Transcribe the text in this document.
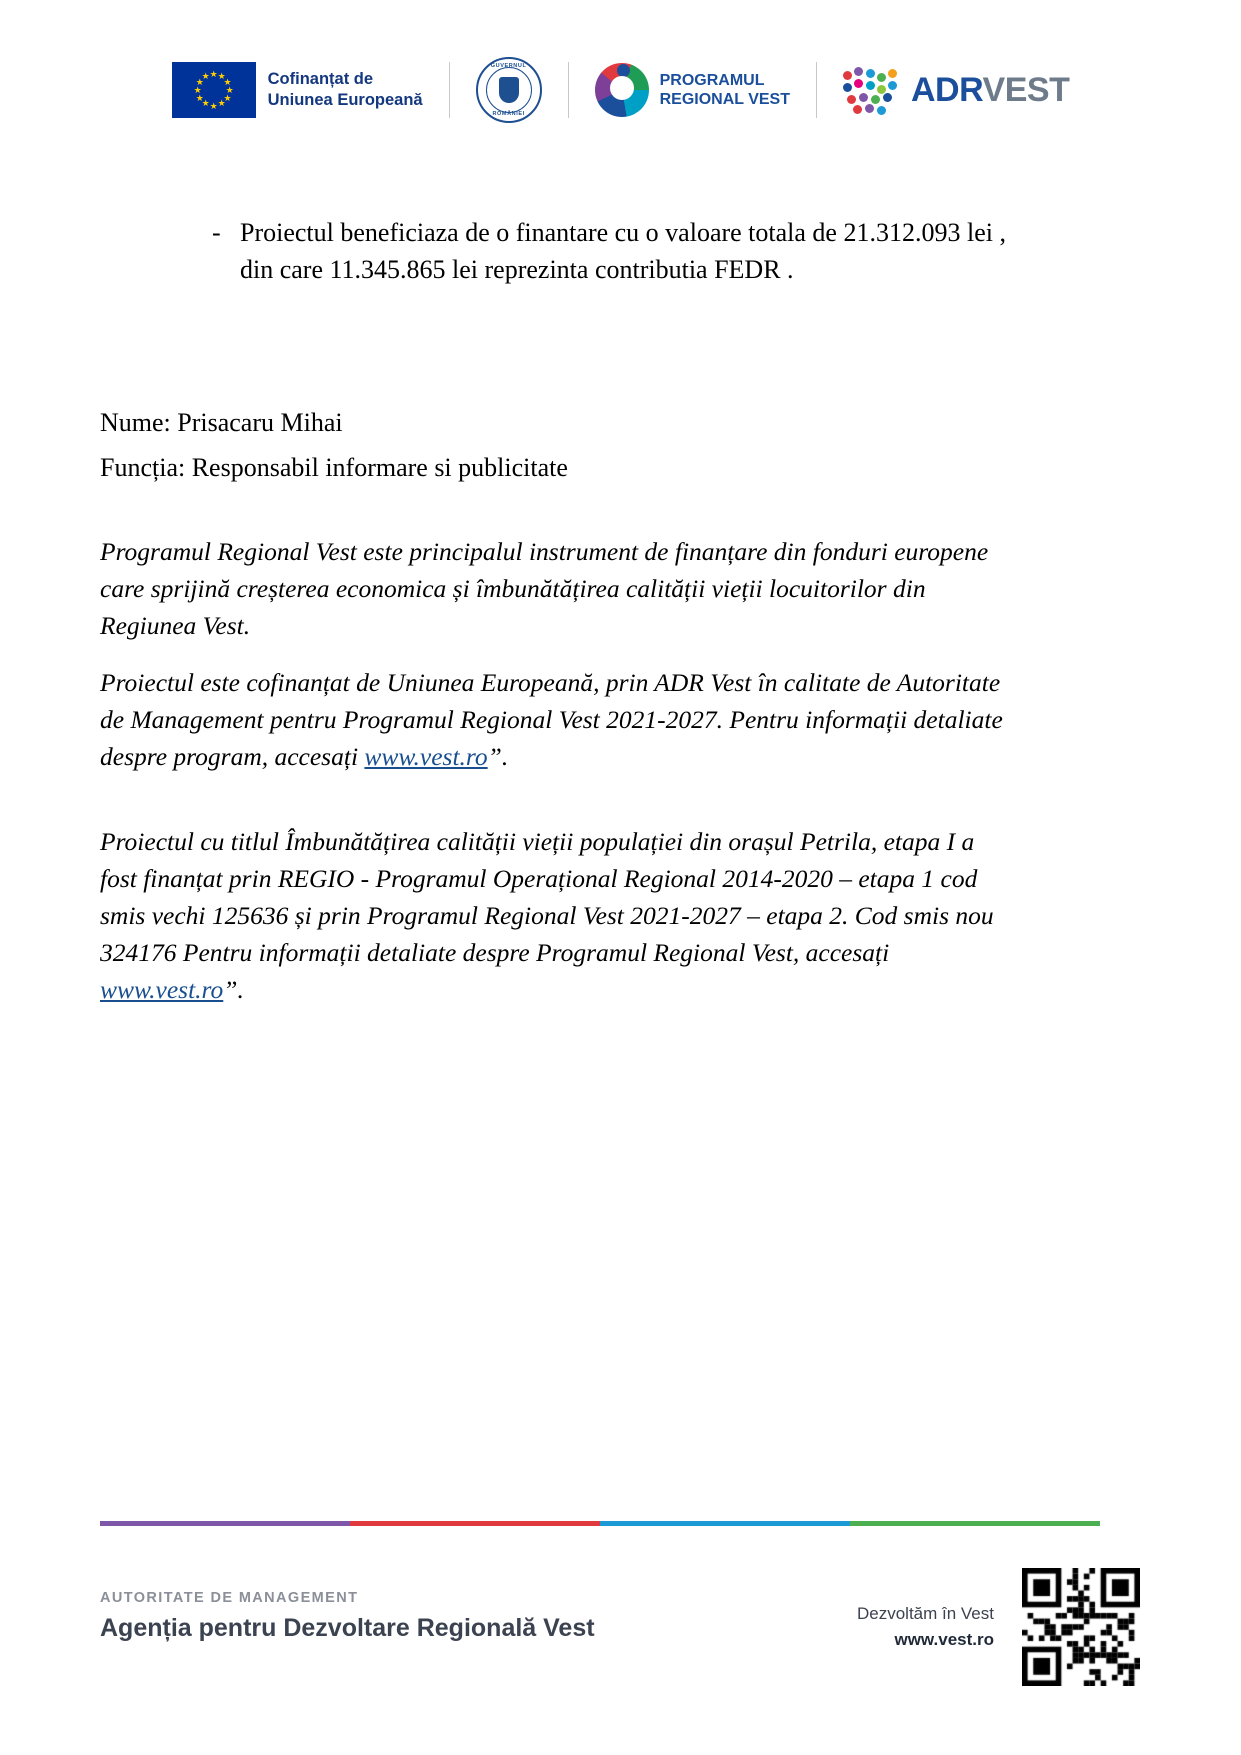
★ ★
★
★
★
★
★
★
★
★
★
★	Cofinanțat de
Uniunea Europeană
GUVERNUL
ROMÂNIEI
PROGRAMUL
REGIONAL VEST	ADRVEST
- Proiectul beneficiaza de o finantare cu o valoare totala de 21.312.093 lei , din care 11.345.865 lei reprezinta contributia FEDR .
Nume: Prisacaru Mihai
Funcția: Responsabil informare si publicitate
Programul Regional Vest este principalul instrument de finanțare din fonduri europene care sprijină creșterea economica și îmbunătățirea calității vieții locuitorilor din Regiunea Vest.
Proiectul este cofinanțat de Uniunea Europeană, prin ADR Vest în calitate de Autoritate de Management pentru Programul Regional Vest 2021-2027. Pentru informații detaliate despre program, accesați www.vest.ro”.
Proiectul cu titlul Îmbunătățirea calității vieții populației din orașul Petrila, etapa I a fost finanțat prin REGIO - Programul Operațional Regional 2014-2020 – etapa 1 cod smis vechi 125636 și prin Programul Regional Vest 2021-2027 – etapa 2. Cod smis nou 324176 Pentru informații detaliate despre Programul Regional Vest, accesați www.vest.ro”.
AUTORITATE DE MANAGEMENT
Agenția pentru Dezvoltare Regională Vest
Dezvoltăm în Vest
www.vest.ro
